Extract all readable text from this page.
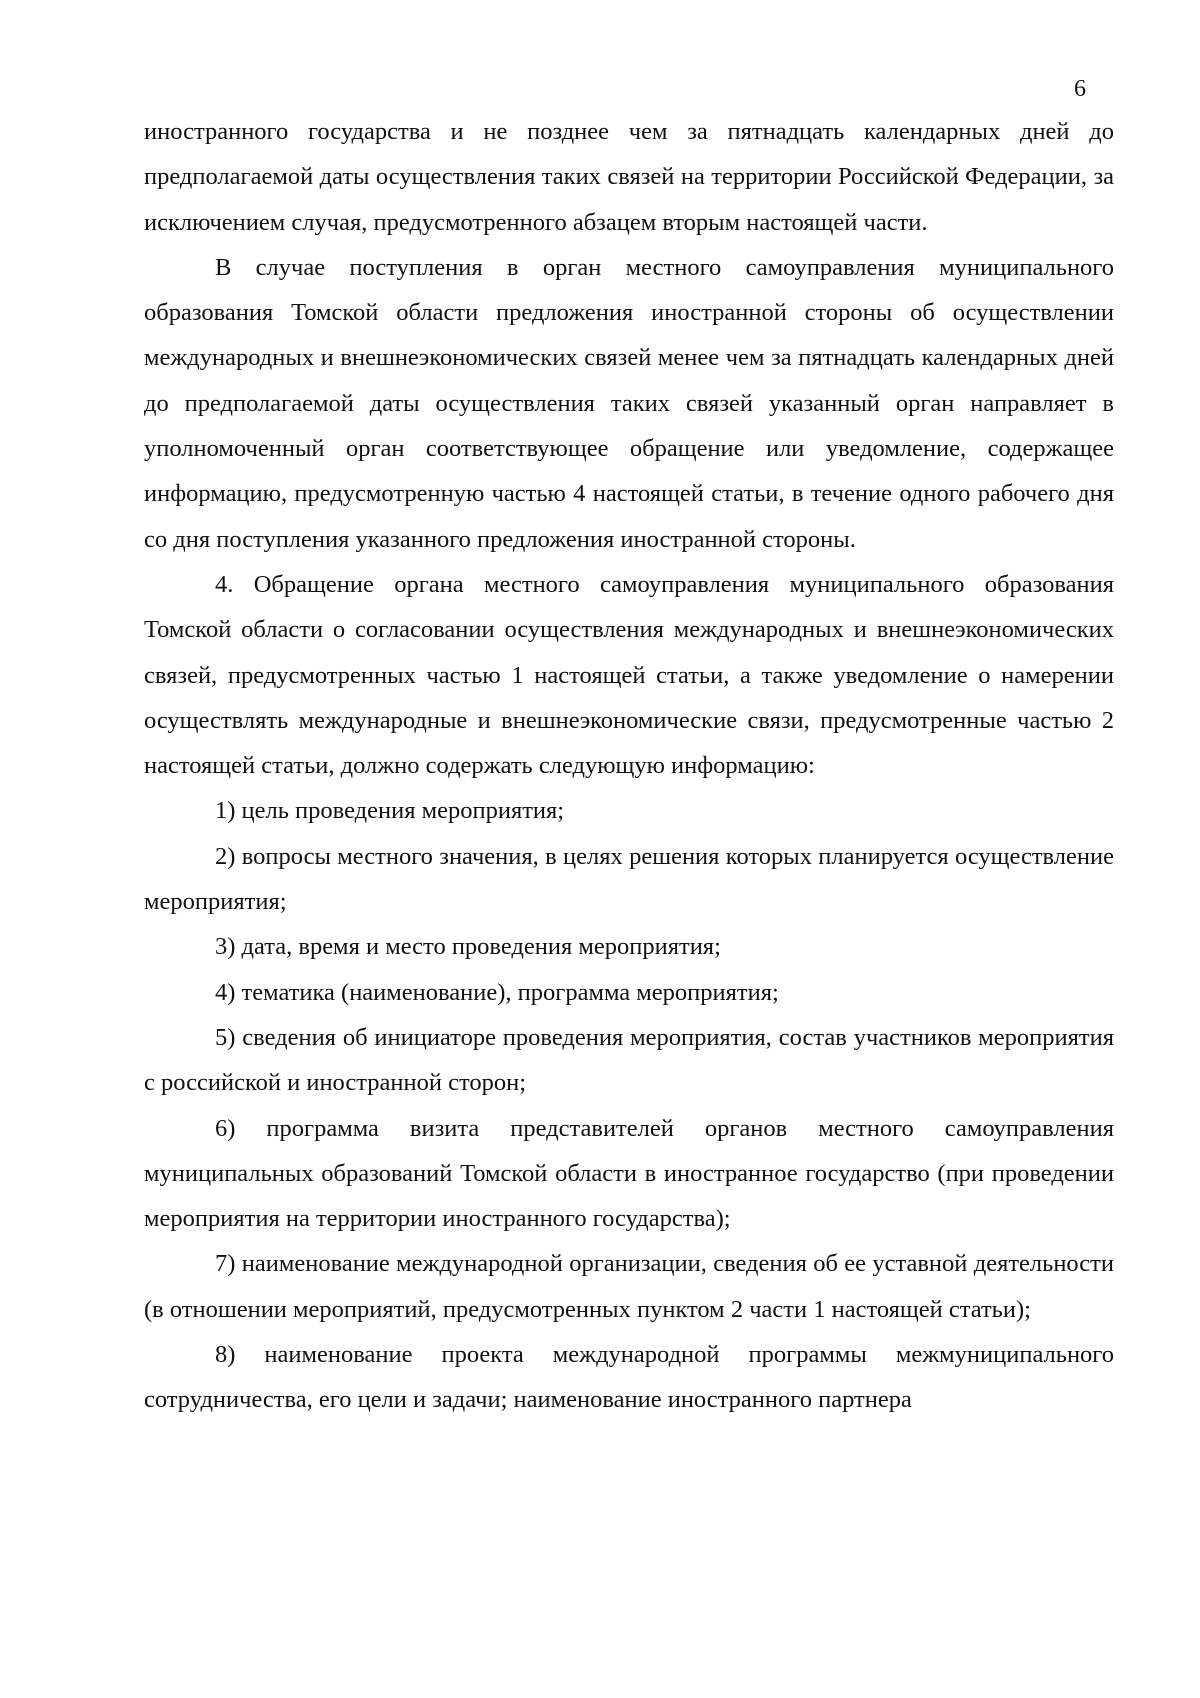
6

иностранного государства и не позднее чем за пятнадцать календарных дней до предполагаемой даты осуществления таких связей на территории Российской Федерации, за исключением случая, предусмотренного абзацем вторым настоящей части.

В случае поступления в орган местного самоуправления муниципального образования Томской области предложения иностранной стороны об осуществлении международных и внешнеэкономических связей менее чем за пятнадцать календарных дней до предполагаемой даты осуществления таких связей указанный орган направляет в уполномоченный орган соответствующее обращение или уведомление, содержащее информацию, предусмотренную частью 4 настоящей статьи, в течение одного рабочего дня со дня поступления указанного предложения иностранной стороны.

4. Обращение органа местного самоуправления муниципального образования Томской области о согласовании осуществления международных и внешнеэкономических связей, предусмотренных частью 1 настоящей статьи, а также уведомление о намерении осуществлять международные и внешнеэкономические связи, предусмотренные частью 2 настоящей статьи, должно содержать следующую информацию:

1) цель проведения мероприятия;

2) вопросы местного значения, в целях решения которых планируется осуществление мероприятия;

3) дата, время и место проведения мероприятия;

4) тематика (наименование), программа мероприятия;

5) сведения об инициаторе проведения мероприятия, состав участников мероприятия с российской и иностранной сторон;

6) программа визита представителей органов местного самоуправления муниципальных образований Томской области в иностранное государство (при проведении мероприятия на территории иностранного государства);

7) наименование международной организации, сведения об ее уставной деятельности (в отношении мероприятий, предусмотренных пунктом 2 части 1 настоящей статьи);

8) наименование проекта международной программы межмуниципального сотрудничества, его цели и задачи; наименование иностранного партнера
